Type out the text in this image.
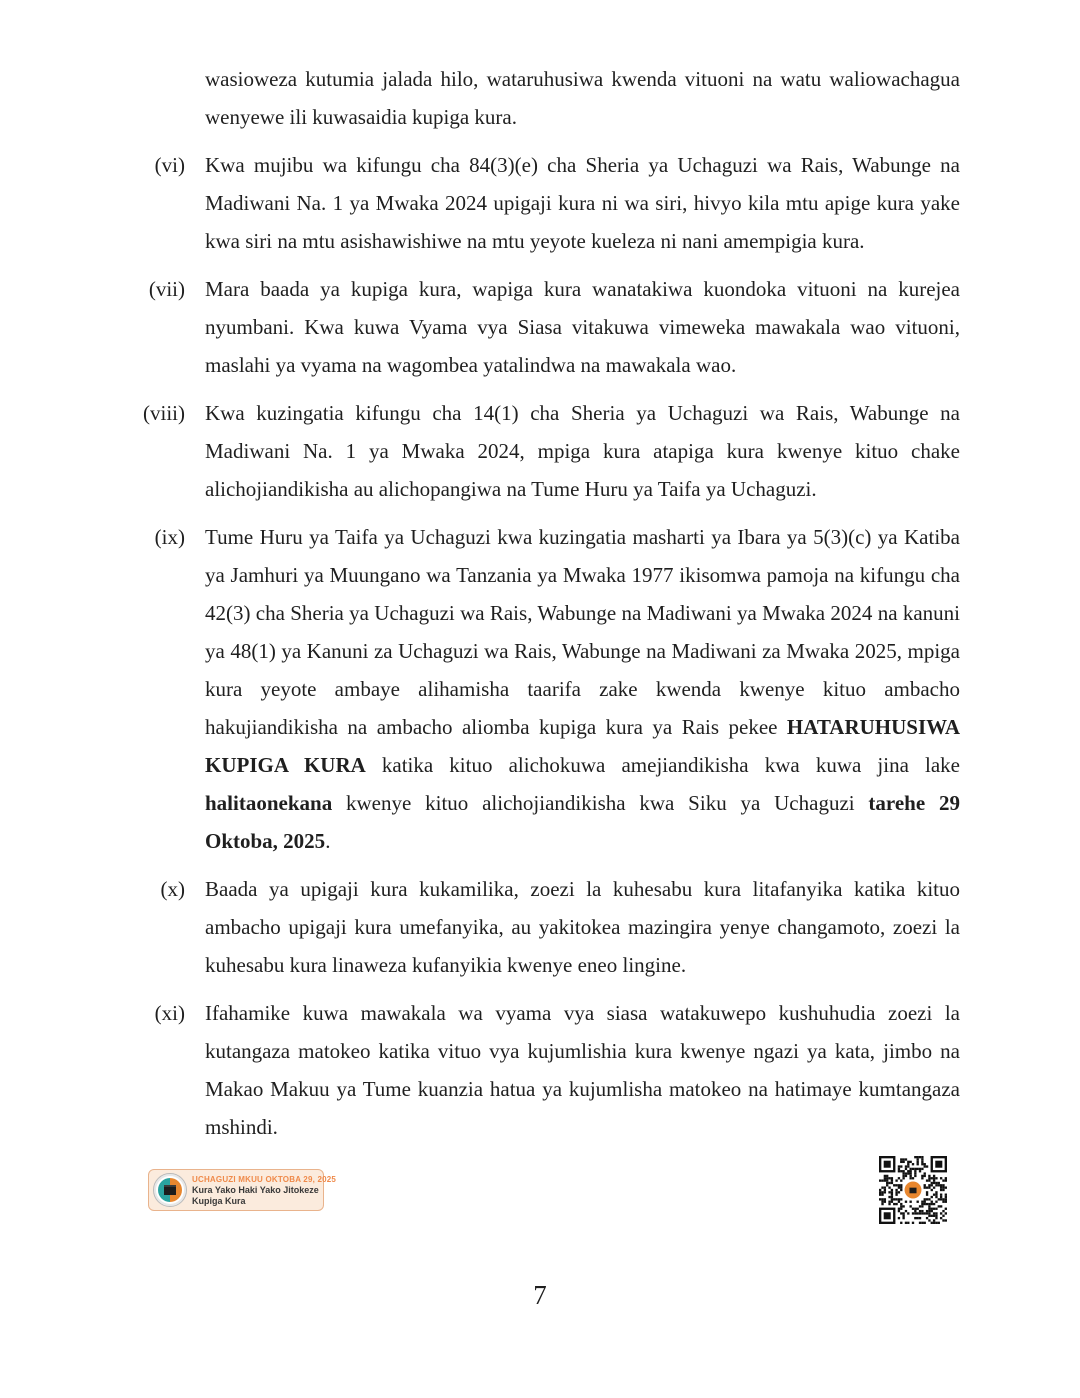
wasioweza kutumia jalada hilo, wataruhusiwa kwenda vituoni na watu waliowachagua wenyewe ili kuwasaidia kupiga kura.
(vi) Kwa mujibu wa kifungu cha 84(3)(e) cha Sheria ya Uchaguzi wa Rais, Wabunge na Madiwani Na. 1 ya Mwaka 2024 upigaji kura ni wa siri, hivyo kila mtu apige kura yake kwa siri na mtu asishawishiwe na mtu yeyote kueleza ni nani amempigia kura.
(vii) Mara baada ya kupiga kura, wapiga kura wanatakiwa kuondoka vituoni na kurejea nyumbani. Kwa kuwa Vyama vya Siasa vitakuwa vimeweka mawakala wao vituoni, maslahi ya vyama na wagombea yatalindwa na mawakala wao.
(viii) Kwa kuzingatia kifungu cha 14(1) cha Sheria ya Uchaguzi wa Rais, Wabunge na Madiwani Na. 1 ya Mwaka 2024, mpiga kura atapiga kura kwenye kituo chake alichojiandikisha au alichopangiwa na Tume Huru ya Taifa ya Uchaguzi.
(ix) Tume Huru ya Taifa ya Uchaguzi kwa kuzingatia masharti ya Ibara ya 5(3)(c) ya Katiba ya Jamhuri ya Muungano wa Tanzania ya Mwaka 1977 ikisomwa pamoja na kifungu cha 42(3) cha Sheria ya Uchaguzi wa Rais, Wabunge na Madiwani ya Mwaka 2024 na kanuni ya 48(1) ya Kanuni za Uchaguzi wa Rais, Wabunge na Madiwani za Mwaka 2025, mpiga kura yeyote ambaye alihamisha taarifa zake kwenda kwenye kituo ambacho hakujiandikisha na ambacho aliomba kupiga kura ya Rais pekee HATARUHUSIWA KUPIGA KURA katika kituo alichokuwa amejiandikisha kwa kuwa jina lake halitaonekana kwenye kituo alichojiandikisha kwa Siku ya Uchaguzi tarehe 29 Oktoba, 2025.
(x) Baada ya upigaji kura kukamilika, zoezi la kuhesabu kura litafanyika katika kituo ambacho upigaji kura umefanyika, au yakitokea mazingira yenye changamoto, zoezi la kuhesabu kura linaweza kufanyikia kwenye eneo lingine.
(xi) Ifahamike kuwa mawakala wa vyama vya siasa watakuwepo kushuhudia zoezi la kutangaza matokeo katika vituo vya kujumlishia kura kwenye ngazi ya kata, jimbo na Makao Makuu ya Tume kuanzia hatua ya kujumlisha matokeo na hatimaye kumtangaza mshindi.
UCHAGUZI MKUU OKTOBA 29, 2025
Kura Yako Haki Yako Jitokeze
Kupiga Kura
7
